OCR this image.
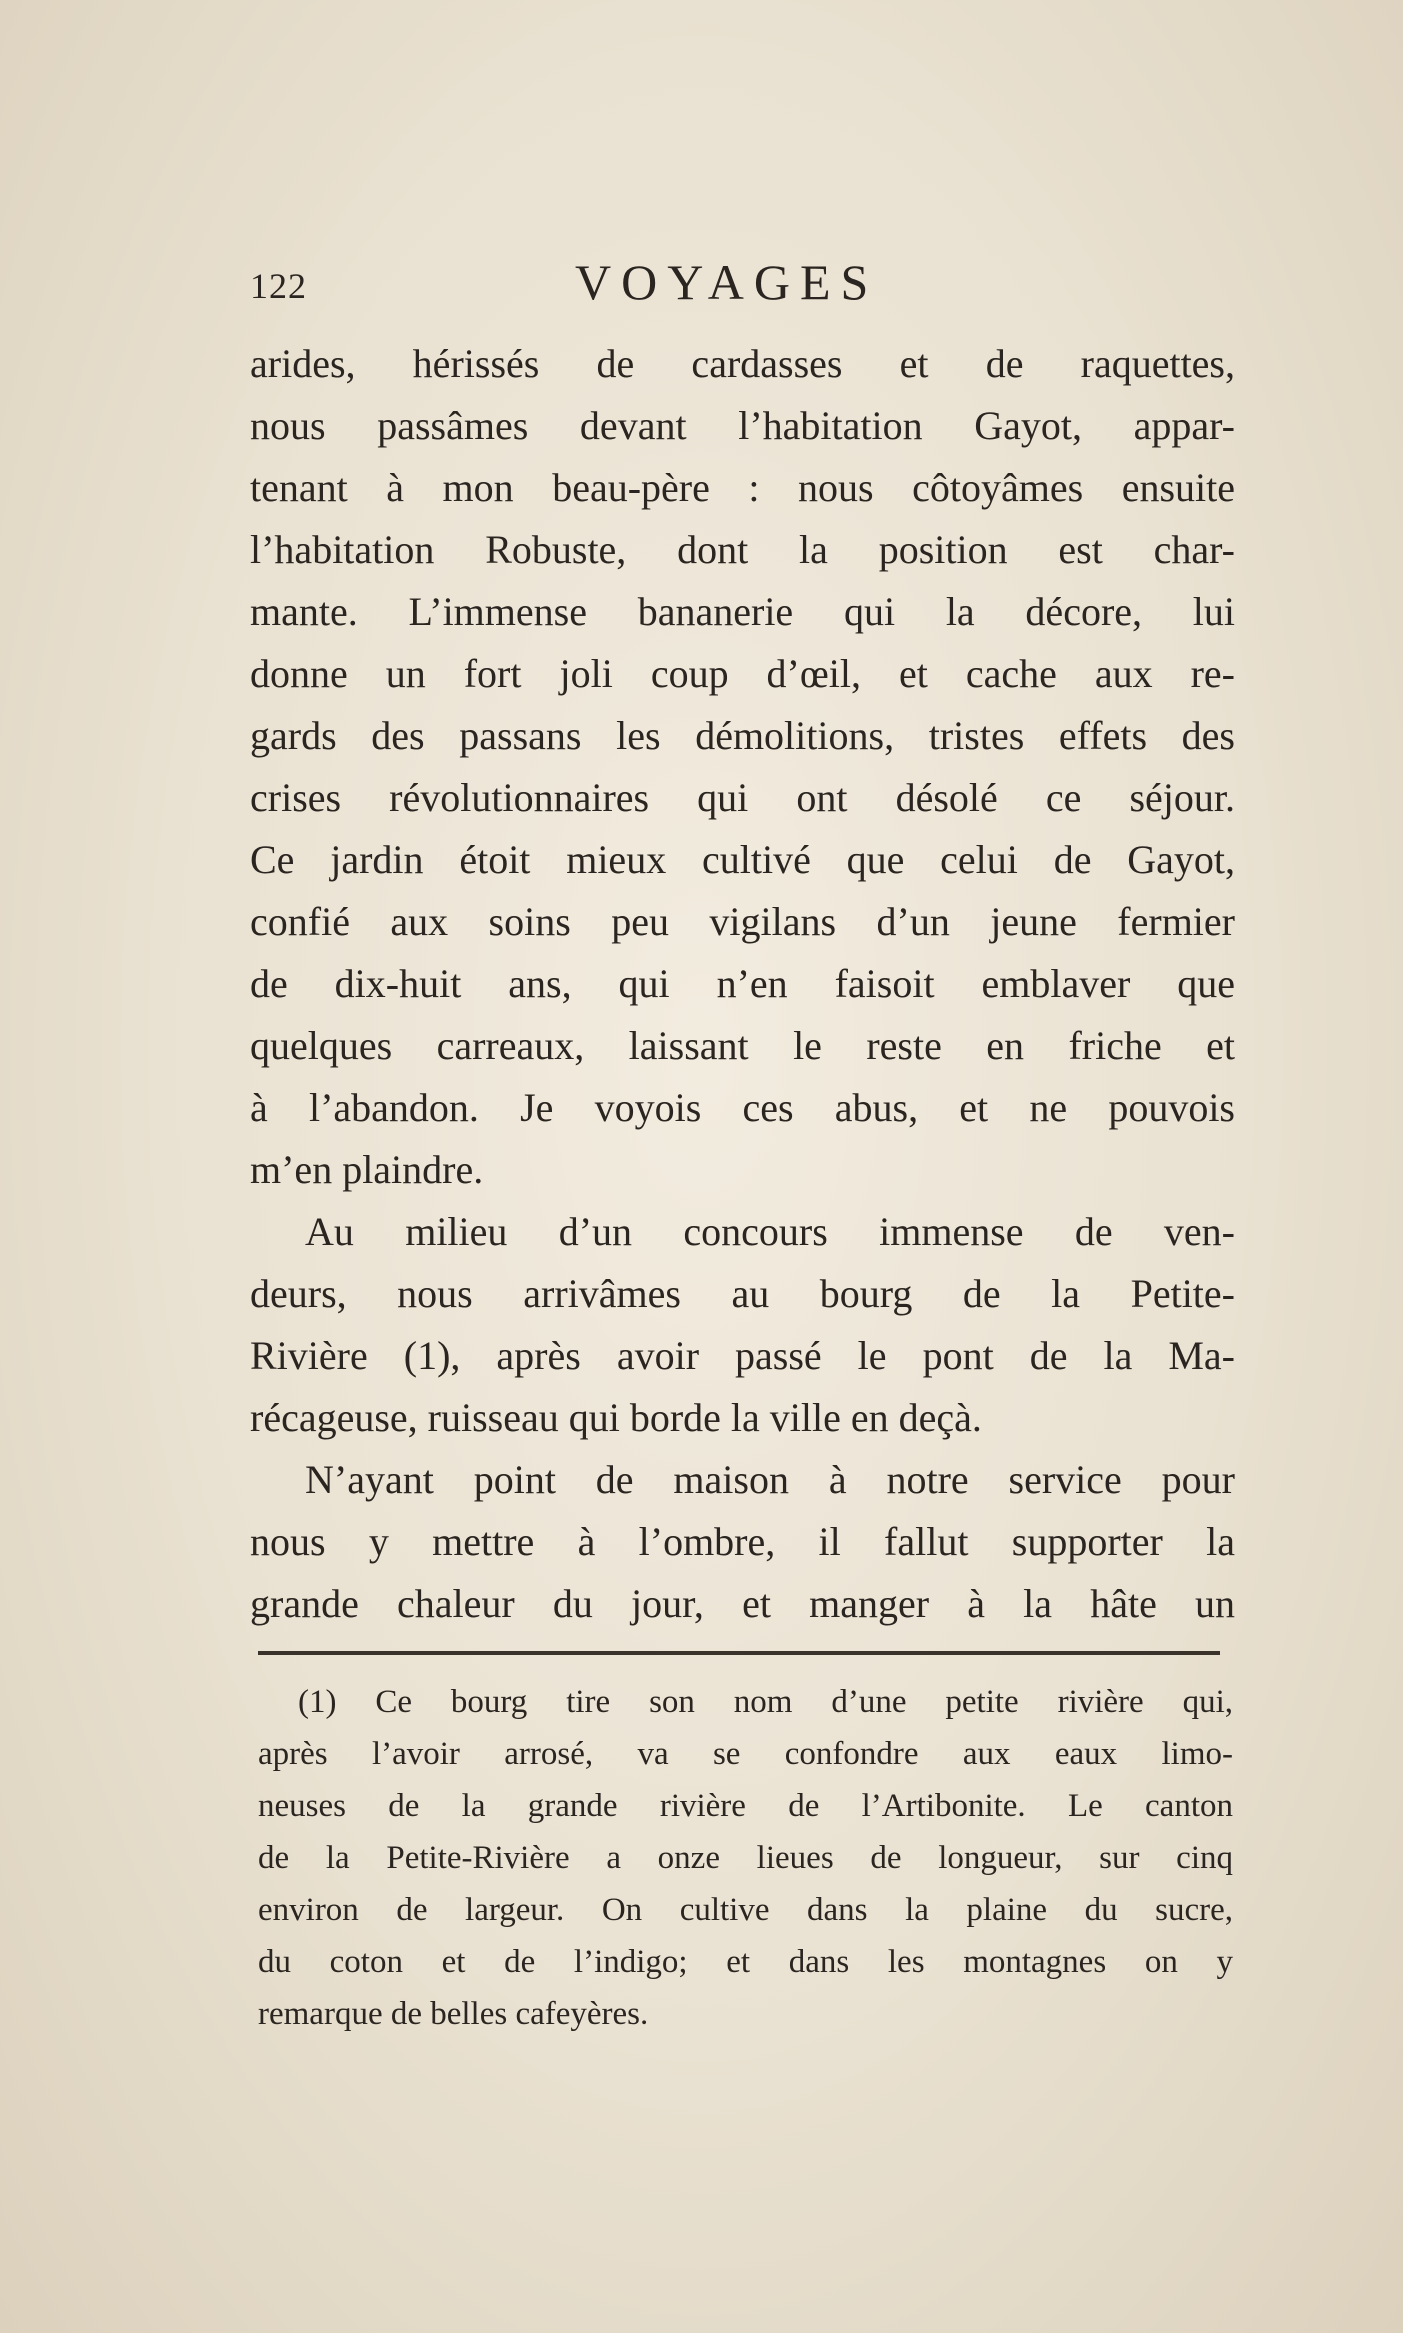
122	VOYAGES
arides, hérissés de cardasses et de raquettes,
nous passâmes devant l’habitation Gayot, appar-
tenant à mon beau-père : nous côtoyâmes ensuite
l’habitation Robuste, dont la position est char-
mante. L’immense bananerie qui la décore, lui
donne un fort joli coup d’œil, et cache aux re-
gards des passans les démolitions, tristes effets des
crises révolutionnaires qui ont désolé ce séjour.
Ce jardin étoit mieux cultivé que celui de Gayot,
confié aux soins peu vigilans d’un jeune fermier
de dix-huit ans, qui n’en faisoit emblaver que
quelques carreaux, laissant le reste en friche et
à l’abandon. Je voyois ces abus, et ne pouvois
m’en plaindre.
Au milieu d’un concours immense de ven-
deurs, nous arrivâmes au bourg de la Petite-
Rivière (1), après avoir passé le pont de la Ma-
récageuse, ruisseau qui borde la ville en deçà.
N’ayant point de maison à notre service pour
nous y mettre à l’ombre, il fallut supporter la
grande chaleur du jour, et manger à la hâte un
(1) Ce bourg tire son nom d’une petite rivière qui,
après l’avoir arrosé, va se confondre aux eaux limo-
neuses de la grande rivière de l’Artibonite. Le canton
de la Petite-Rivière a onze lieues de longueur, sur cinq
environ de largeur. On cultive dans la plaine du sucre,
du coton et de l’indigo; et dans les montagnes on y
remarque de belles cafeyères.
